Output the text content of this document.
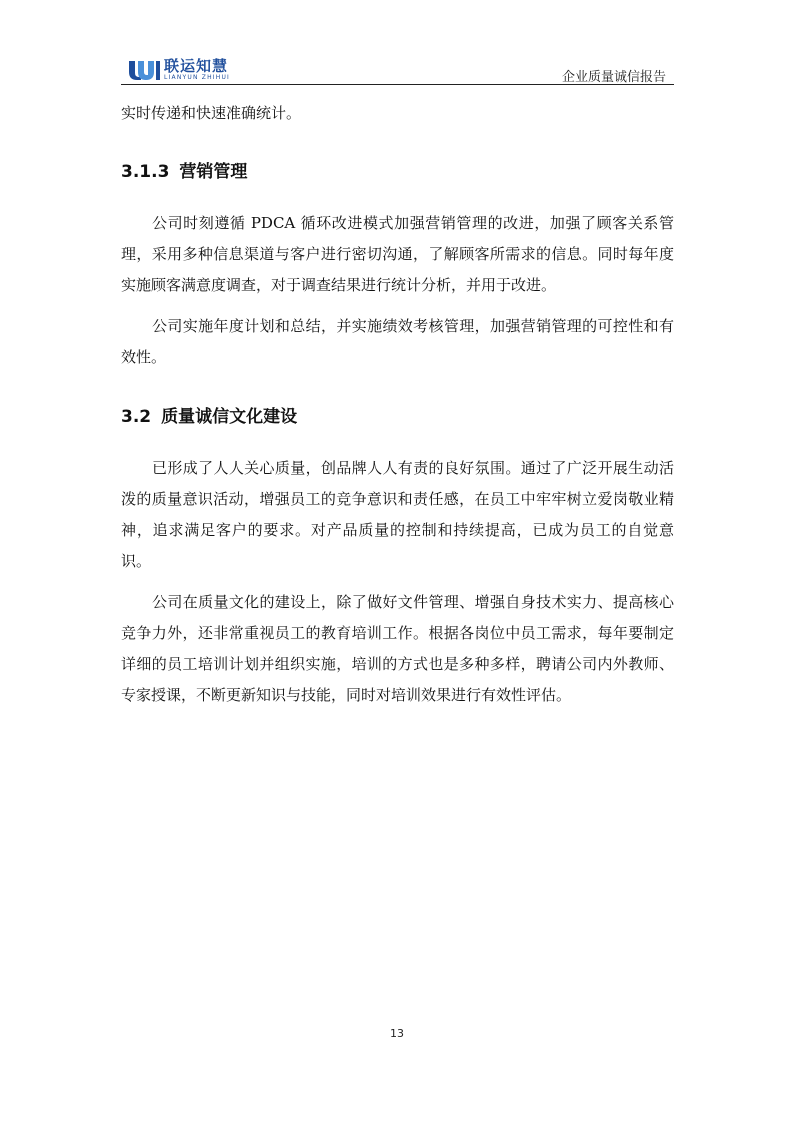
联运知慧
LIANYUN ZHIHUI	企业质量诚信报告

实时传递和快速准确统计。

3.1.3 营销管理

公司时刻遵循 PDCA 循环改进模式加强营销管理的改进，加强了顾客关系管理，采用多种信息渠道与客户进行密切沟通，了解顾客所需求的信息。同时每年度实施顾客满意度调查，对于调查结果进行统计分析，并用于改进。

公司实施年度计划和总结，并实施绩效考核管理，加强营销管理的可控性和有效性。

3.2 质量诚信文化建设

已形成了人人关心质量，创品牌人人有责的良好氛围。通过了广泛开展生动活泼的质量意识活动，增强员工的竞争意识和责任感，在员工中牢牢树立爱岗敬业精神，追求满足客户的要求。对产品质量的控制和持续提高，已成为员工的自觉意识。

公司在质量文化的建设上，除了做好文件管理、增强自身技术实力、提高核心竞争力外，还非常重视员工的教育培训工作。根据各岗位中员工需求，每年要制定详细的员工培训计划并组织实施，培训的方式也是多种多样，聘请公司内外教师、专家授课，不断更新知识与技能，同时对培训效果进行有效性评估。

13
